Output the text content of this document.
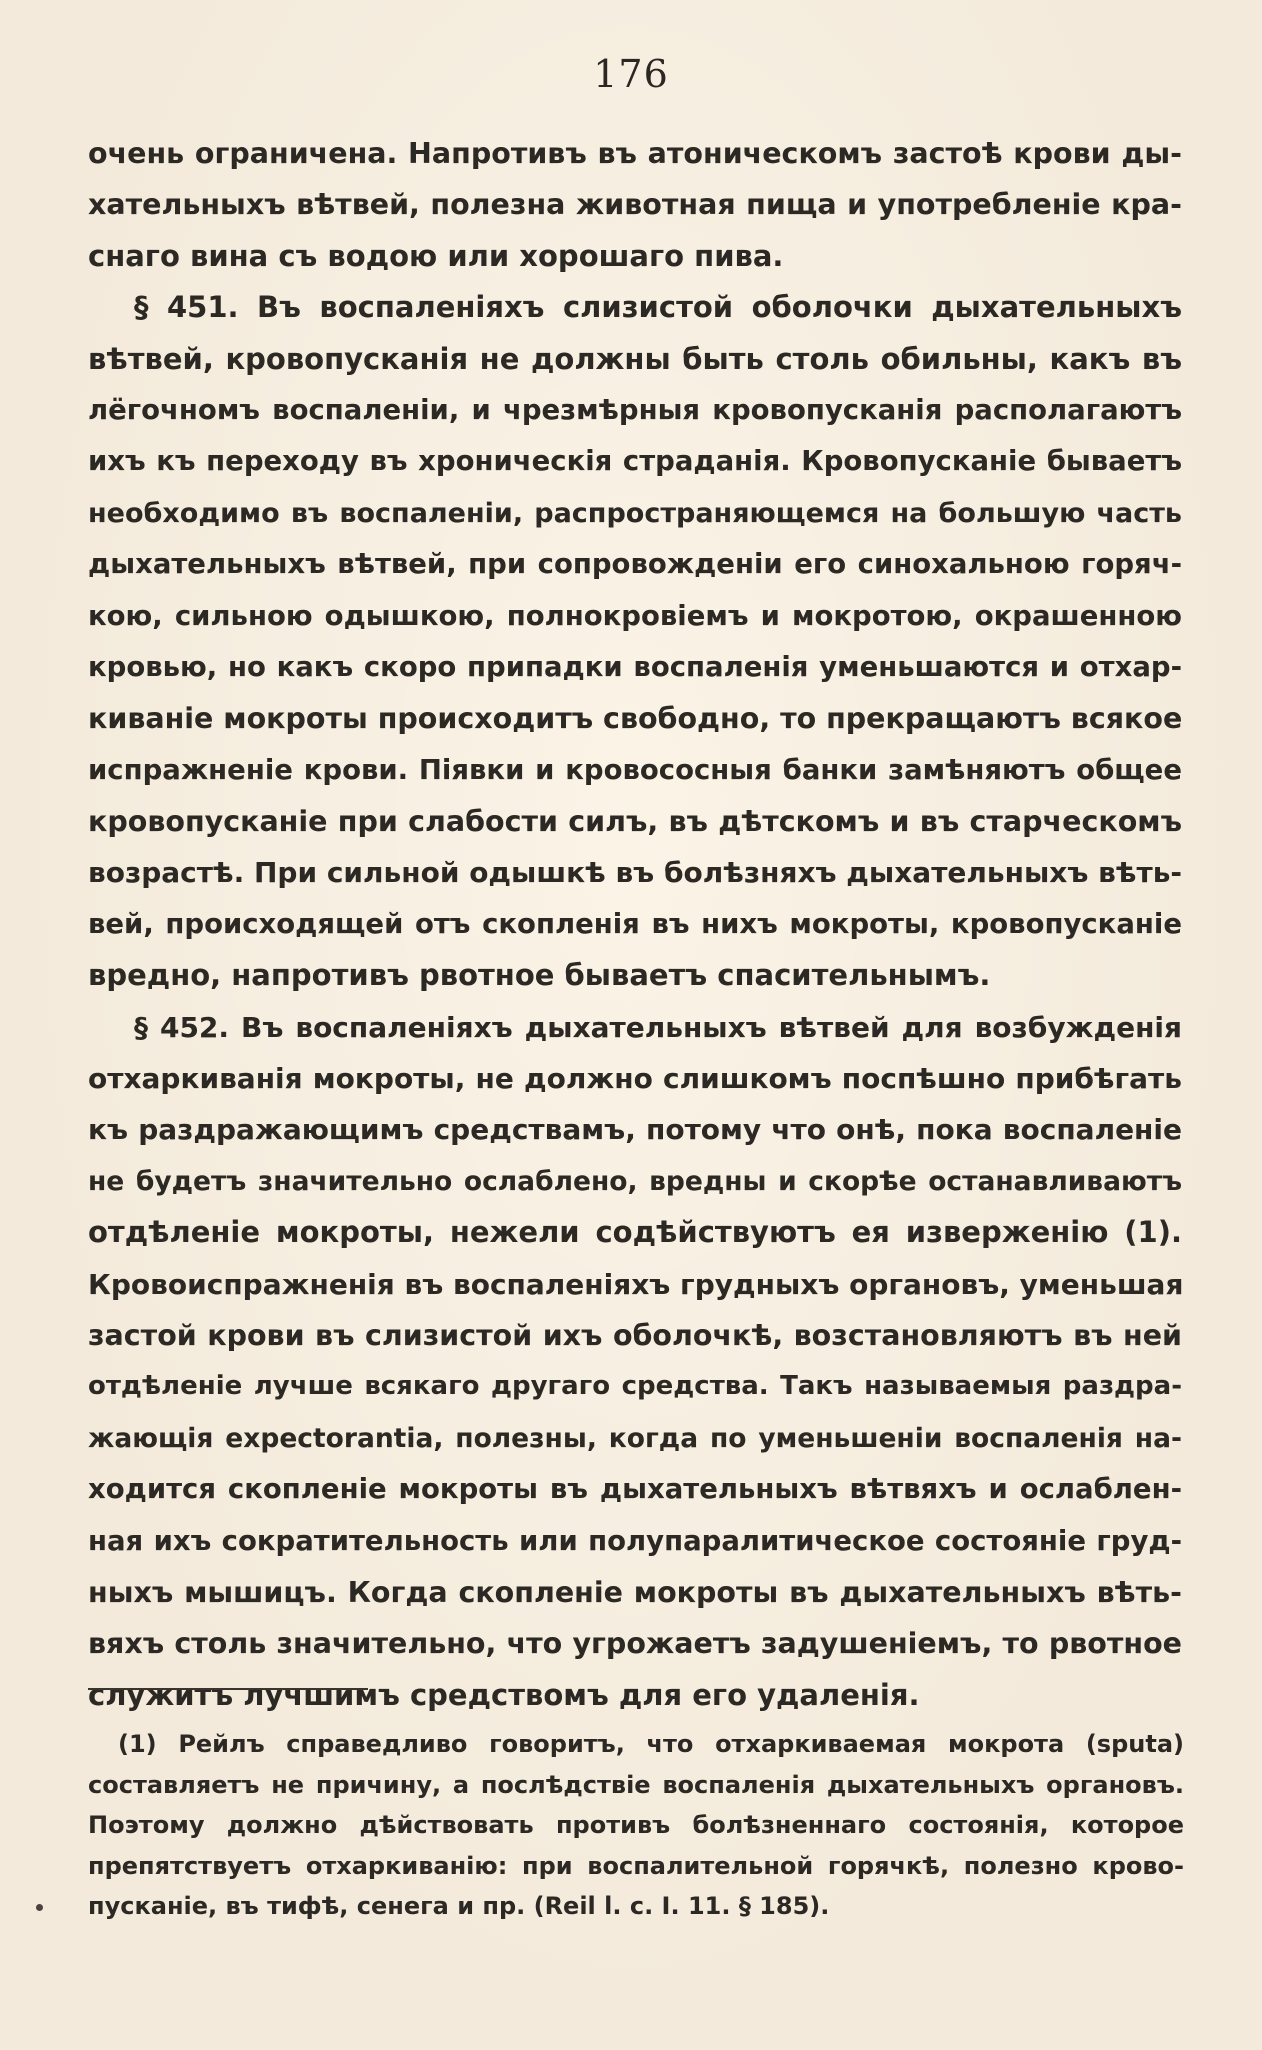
176
очень ограничена. Напротивъ въ атоническомъ застоѣ крови ды-
хательныхъ вѣтвей, полезна животная пища и употребленіе кра-
снаго вина съ водою или хорошаго пива.
§ 451. Въ воспаленіяхъ слизистой оболочки дыхательныхъ
вѣтвей, кровопусканія не должны быть столь обильны, какъ въ
лёгочномъ воспаленіи, и чрезмѣрныя кровопусканія располагаютъ
ихъ къ переходу въ хроническія страданія. Кровопусканіе бываетъ
необходимо въ воспаленіи, распространяющемся на большую часть
дыхательныхъ вѣтвей, при сопровожденіи его синохальною горяч-
кою, сильною одышкою, полнокровіемъ и мокротою, окрашенною
кровью, но какъ скоро припадки воспаленія уменьшаются и отхар-
киваніе мокроты происходитъ свободно, то прекращаютъ всякое
испражненіе крови. Піявки и кровососныя банки замѣняютъ общее
кровопусканіе при слабости силъ, въ дѣтскомъ и въ старческомъ
возрастѣ. При сильной одышкѣ въ болѣзняхъ дыхательныхъ вѣть-
вей, происходящей отъ скопленія въ нихъ мокроты, кровопусканіе
вредно, напротивъ рвотное бываетъ спасительнымъ.
§ 452. Въ воспаленіяхъ дыхательныхъ вѣтвей для возбужденія
отхаркиванія мокроты, не должно слишкомъ поспѣшно прибѣгать
къ раздражающимъ средствамъ, потому что онѣ, пока воспаленіе
не будетъ значительно ослаблено, вредны и скорѣе останавливаютъ
отдѣленіе мокроты, нежели содѣйствуютъ ея изверженію (1).
Кровоиспражненія въ воспаленіяхъ грудныхъ органовъ, уменьшая
застой крови въ слизистой ихъ оболочкѣ, возстановляютъ въ ней
отдѣленіе лучше всякаго другаго средства. Такъ называемыя раздра-
жающія expectorantia, полезны, когда по уменьшеніи воспаленія на-
ходится скопленіе мокроты въ дыхательныхъ вѣтвяхъ и ослаблен-
ная ихъ сократительность или полупаралитическое состояніе груд-
ныхъ мышицъ. Когда скопленіе мокроты въ дыхательныхъ вѣть-
вяхъ столь значительно, что угрожаетъ задушеніемъ, то рвотное
служитъ лучшимъ средствомъ для его удаленія.
(1) Рейлъ справедливо говоритъ, что отхаркиваемая мокрота (sputa)
составляетъ не причину, а послѣдствіе воспаленія дыхательныхъ органовъ.
Поэтому должно дѣйствовать противъ болѣзненнаго состоянія, которое
препятствуетъ отхаркиванію: при воспалительной горячкѣ, полезно крово-
пусканіе, въ тифѣ, сенега и пр. (Reil l. c. I. 11. § 185).
